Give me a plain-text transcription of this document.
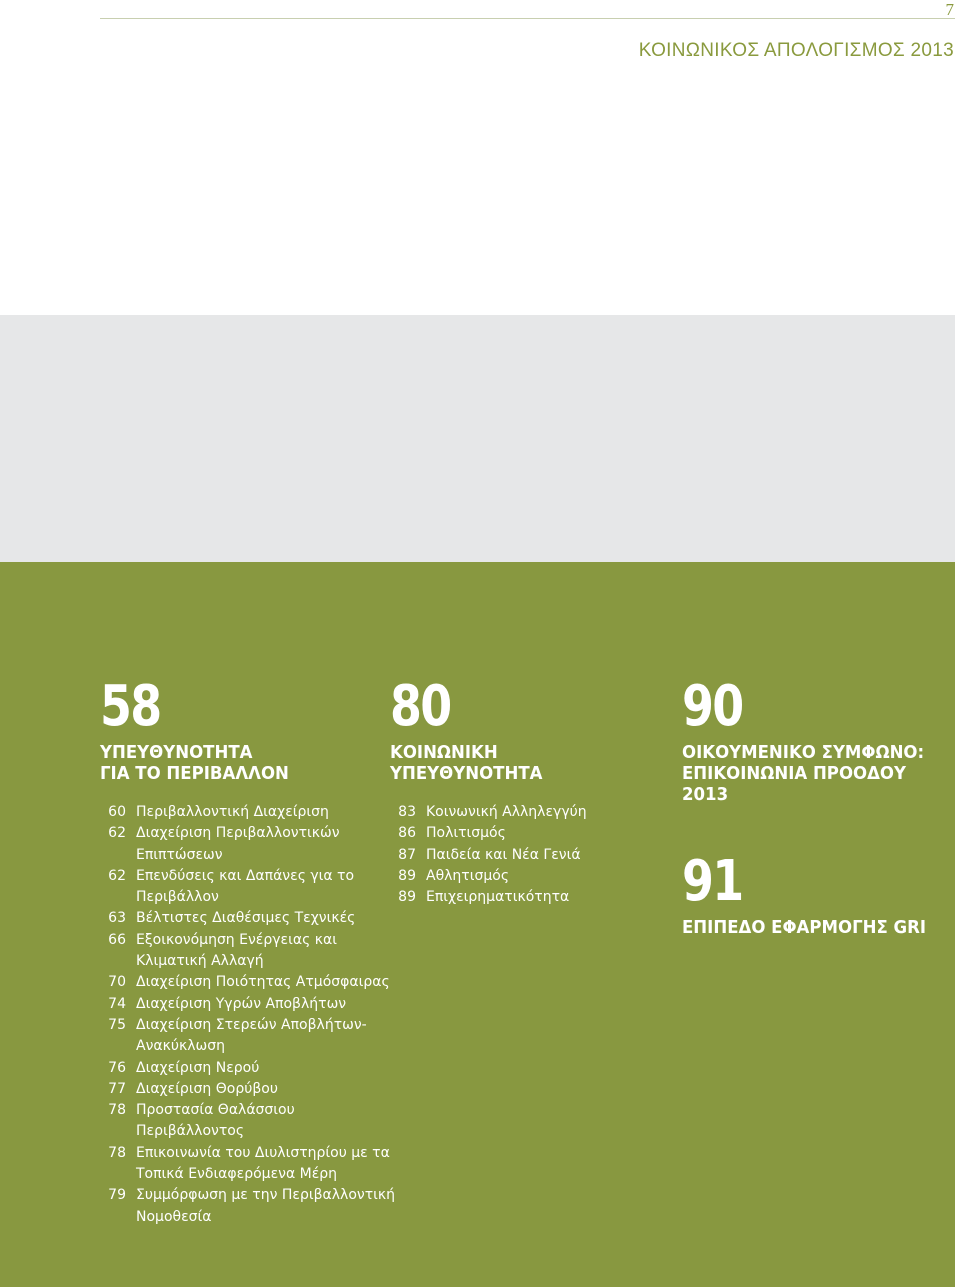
7
ΚΟΙΝΩΝΙΚΟΣ ΑΠΟΛΟΓΙΣΜΟΣ 2013
58
ΥΠΕΥΘΥΝΟΤΗΤΑ
ΓΙΑ ΤΟ ΠΕΡΙΒΑΛΛΟΝ
60 Περιβαλλοντική Διαχείριση
62 Διαχείριση Περιβαλλοντικών
Επιπτώσεων
62 Επενδύσεις και Δαπάνες για το
Περιβάλλον
63 Βέλτιστες Διαθέσιμες Τεχνικές
66 Εξοικονόμηση Ενέργειας και
Κλιματική Αλλαγή
70 Διαχείριση Ποιότητας Ατμόσφαιρας
74 Διαχείριση Υγρών Αποβλήτων
75 Διαχείριση Στερεών Αποβλήτων-
Ανακύκλωση
76 Διαχείριση Νερού
77 Διαχείριση Θορύβου
78 Προστασία Θαλάσσιου Περιβάλλοντος
78 Επικοινωνία του Διυλιστηρίου με τα
Τοπικά Ενδιαφερόμενα Μέρη
79 Συμμόρφωση με την Περιβαλλοντική
Νομοθεσία
80
ΚΟΙΝΩΝΙΚΗ
ΥΠΕΥΘΥΝΟΤΗΤΑ
83 Κοινωνική Αλληλεγγύη
86 Πολιτισμός
87 Παιδεία και Νέα Γενιά
89 Αθλητισμός
89 Επιχειρηματικότητα
90
ΟΙΚΟΥΜΕΝΙΚΟ ΣΥΜΦΩΝΟ:
ΕΠΙΚΟΙΝΩΝΙΑ ΠΡΟΟΔΟΥ
2013
91
ΕΠΙΠΕΔΟ ΕΦΑΡΜΟΓΗΣ GRI
